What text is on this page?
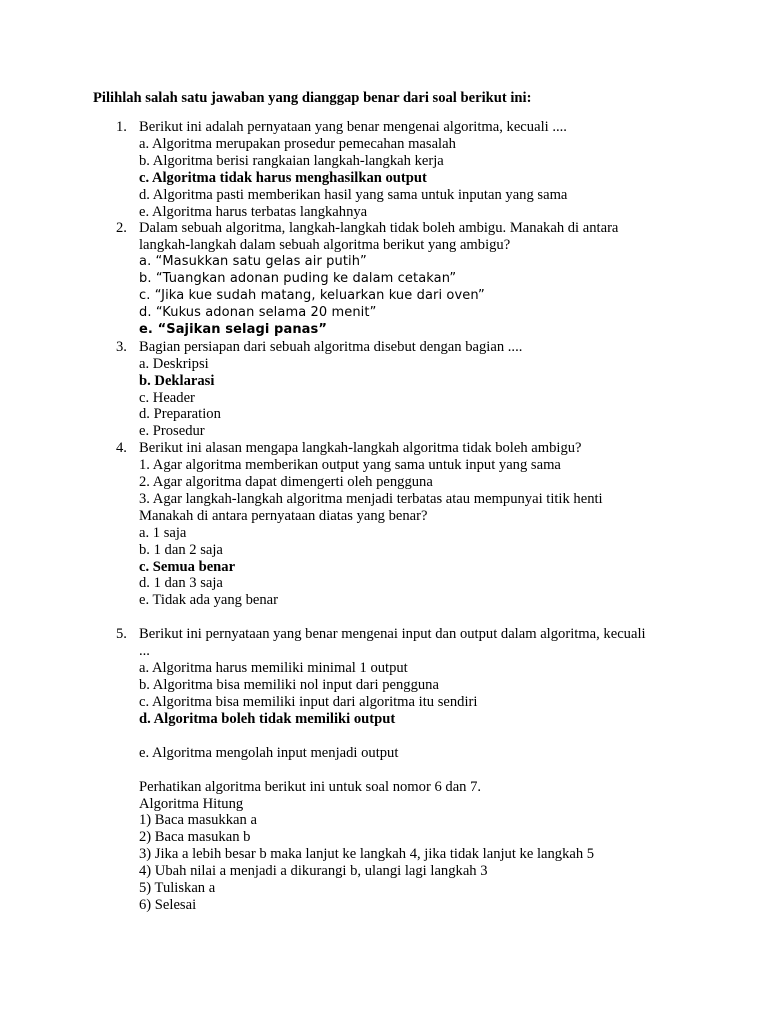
Pilihlah salah satu jawaban yang dianggap benar dari soal berikut ini:
1. Berikut ini adalah pernyataan yang benar mengenai algoritma, kecuali ....
a. Algoritma merupakan prosedur pemecahan masalah
b. Algoritma berisi rangkaian langkah-langkah kerja
c. Algoritma tidak harus menghasilkan output
d. Algoritma pasti memberikan hasil yang sama untuk inputan yang sama
e. Algoritma harus terbatas langkahnya
2. Dalam sebuah algoritma, langkah-langkah tidak boleh ambigu. Manakah di antara langkah-langkah dalam sebuah algoritma berikut yang ambigu?
a. “Masukkan satu gelas air putih”
b. “Tuangkan adonan puding ke dalam cetakan”
c. “Jika kue sudah matang, keluarkan kue dari oven”
d. “Kukus adonan selama 20 menit”
e. “Sajikan selagi panas”
3. Bagian persiapan dari sebuah algoritma disebut dengan bagian ....
a. Deskripsi
b. Deklarasi
c. Header
d. Preparation
e. Prosedur
4. Berikut ini alasan mengapa langkah-langkah algoritma tidak boleh ambigu?
1. Agar algoritma memberikan output yang sama untuk input yang sama
2. Agar algoritma dapat dimengerti oleh pengguna
3. Agar langkah-langkah algoritma menjadi terbatas atau mempunyai titik henti
Manakah di antara pernyataan diatas yang benar?
a. 1 saja
b. 1 dan 2 saja
c. Semua benar
d. 1 dan 3 saja
e. Tidak ada yang benar
5. Berikut ini pernyataan yang benar mengenai input dan output dalam algoritma, kecuali ...
a. Algoritma harus memiliki minimal 1 output
b. Algoritma bisa memiliki nol input dari pengguna
c. Algoritma bisa memiliki input dari algoritma itu sendiri
d. Algoritma boleh tidak memiliki output
e. Algoritma mengolah input menjadi output
Perhatikan algoritma berikut ini untuk soal nomor 6 dan 7.
Algoritma Hitung
1) Baca masukkan a
2) Baca masukan b
3) Jika a lebih besar b maka lanjut ke langkah 4, jika tidak lanjut ke langkah 5
4) Ubah nilai a menjadi a dikurangi b, ulangi lagi langkah 3
5) Tuliskan a
6) Selesai
